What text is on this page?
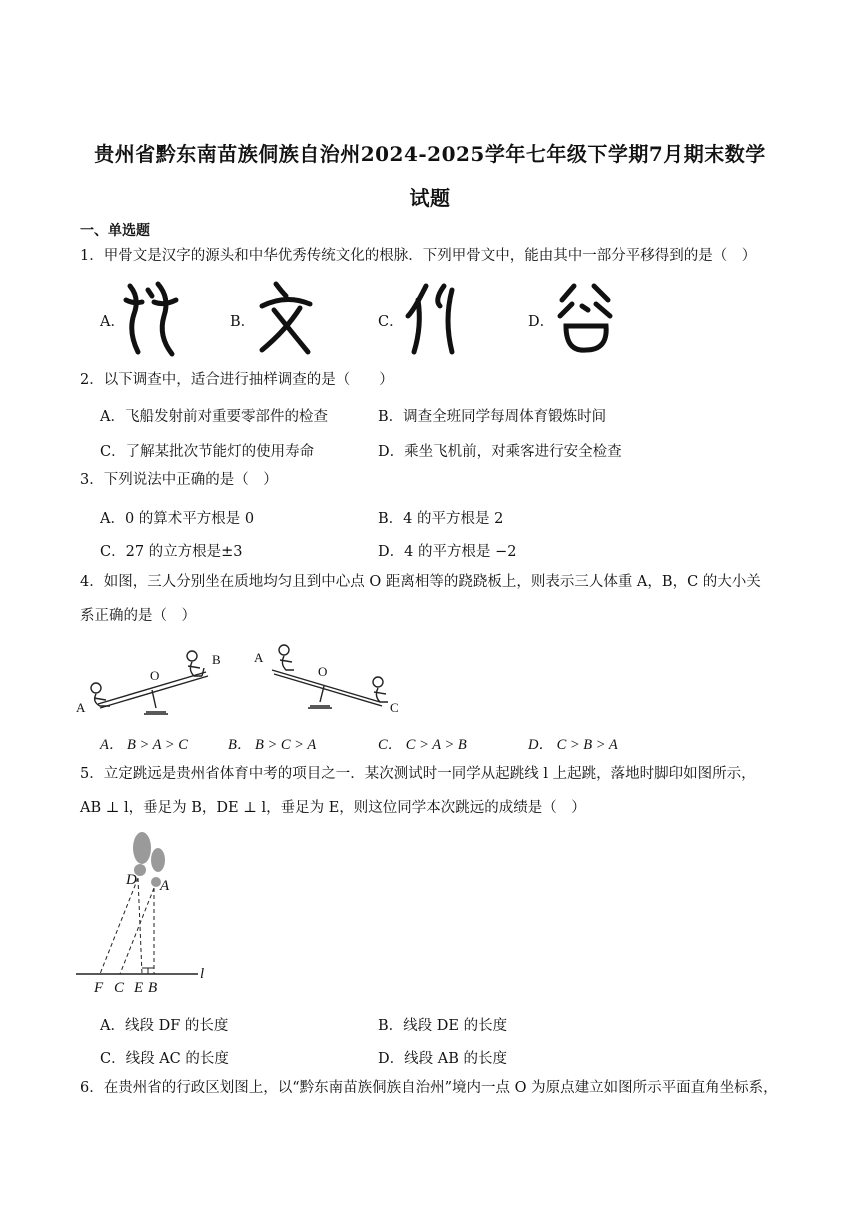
贵州省黔东南苗族侗族自治州2024-2025学年七年级下学期7月期末数学
试题
一、单选题
1．甲骨文是汉字的源头和中华优秀传统文化的根脉．下列甲骨文中，能由其中一部分平移得到的是（　）
A．	B．	C．	D．
2．以下调查中，适合进行抽样调查的是（　　）
A．飞船发射前对重要零部件的检查	B．调查全班同学每周体育锻炼时间
C．了解某批次节能灯的使用寿命	D．乘坐飞机前，对乘客进行安全检查
3．下列说法中正确的是（　）
A．0 的算术平方根是 0	B．4 的平方根是 2
C．27 的立方根是±3	D．4 的平方根是 −2
4．如图，三人分别坐在质地均匀且到中心点 O 距离相等的跷跷板上，则表示三人体重 A，B，C 的大小关
系正确的是（　）
A
B
O
A
O
C
A． B > A > C	B． B > C > A	C． C > A > B	D． C > B > A
5．立定跳远是贵州省体育中考的项目之一．某次测试时一同学从起跳线 l 上起跳，落地时脚印如图所示，
AB ⊥ l，垂足为 B，DE ⊥ l，垂足为 E，则这位同学本次跳远的成绩是（　）
D A
F C E B
l
A．线段 DF 的长度	B．线段 DE 的长度
C．线段 AC 的长度	D．线段 AB 的长度
6．在贵州省的行政区划图上，以“黔东南苗族侗族自治州”境内一点 O 为原点建立如图所示平面直角坐标系，
